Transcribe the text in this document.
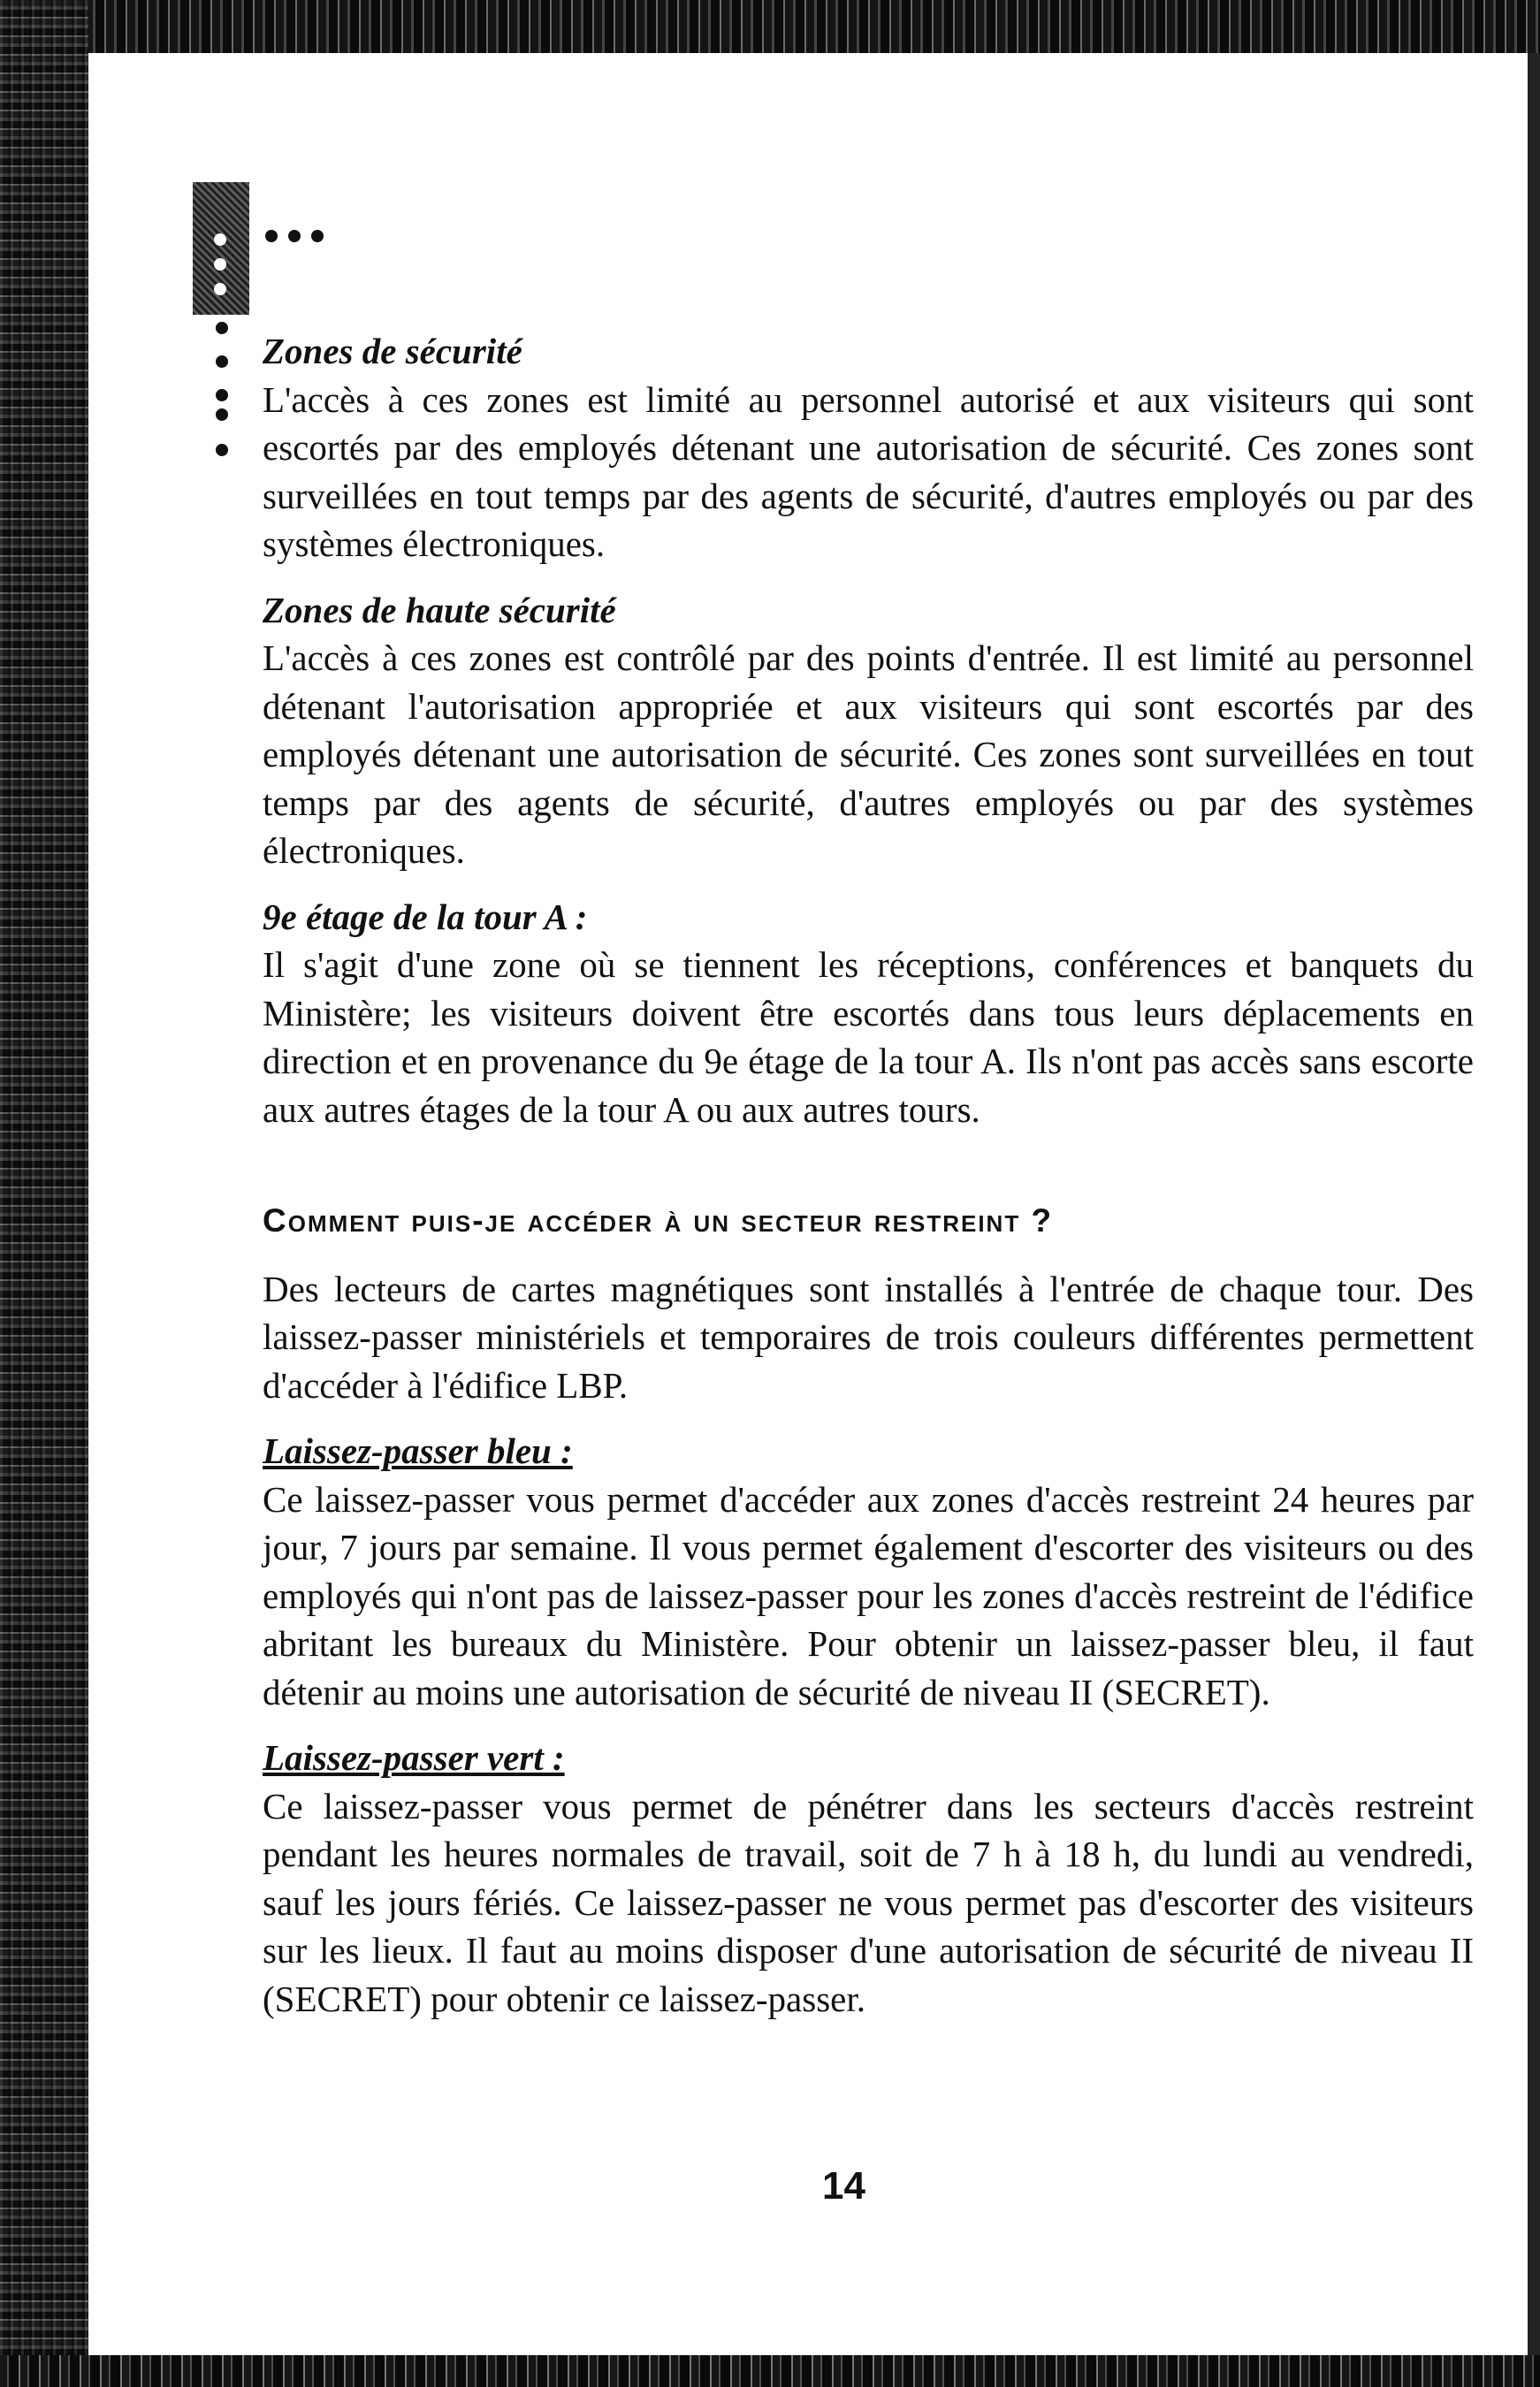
Zones de sécurité
L'accès à ces zones est limité au personnel autorisé et aux visiteurs qui sont escortés par des employés détenant une autorisation de sécurité. Ces zones sont surveillées en tout temps par des agents de sécurité, d'autres employés ou par des systèmes électroniques.
Zones de haute sécurité
L'accès à ces zones est contrôlé par des points d'entrée. Il est limité au personnel détenant l'autorisation appropriée et aux visiteurs qui sont escortés par des employés détenant une autorisation de sécurité. Ces zones sont surveillées en tout temps par des agents de sécurité, d'autres employés ou par des systèmes électroniques.
9e étage de la tour A :
Il s'agit d'une zone où se tiennent les réceptions, conférences et banquets du Ministère; les visiteurs doivent être escortés dans tous leurs déplacements en direction et en provenance du 9e étage de la tour A. Ils n'ont pas accès sans escorte aux autres étages de la tour A ou aux autres tours.
Comment puis-je accéder à un secteur restreint ?
Des lecteurs de cartes magnétiques sont installés à l'entrée de chaque tour. Des laissez-passer ministériels et temporaires de trois couleurs différentes permettent d'accéder à l'édifice LBP.
Laissez-passer bleu :
Ce laissez-passer vous permet d'accéder aux zones d'accès restreint 24 heures par jour, 7 jours par semaine. Il vous permet également d'escorter des visiteurs ou des employés qui n'ont pas de laissez-passer pour les zones d'accès restreint de l'édifice abritant les bureaux du Ministère. Pour obtenir un laissez-passer bleu, il faut détenir au moins une autorisation de sécurité de niveau II (SECRET).
Laissez-passer vert :
Ce laissez-passer vous permet de pénétrer dans les secteurs d'accès restreint pendant les heures normales de travail, soit de 7 h à 18 h, du lundi au vendredi, sauf les jours fériés. Ce laissez-passer ne vous permet pas d'escorter des visiteurs sur les lieux. Il faut au moins disposer d'une autorisation de sécurité de niveau II (SECRET) pour obtenir ce laissez-passer.
14
